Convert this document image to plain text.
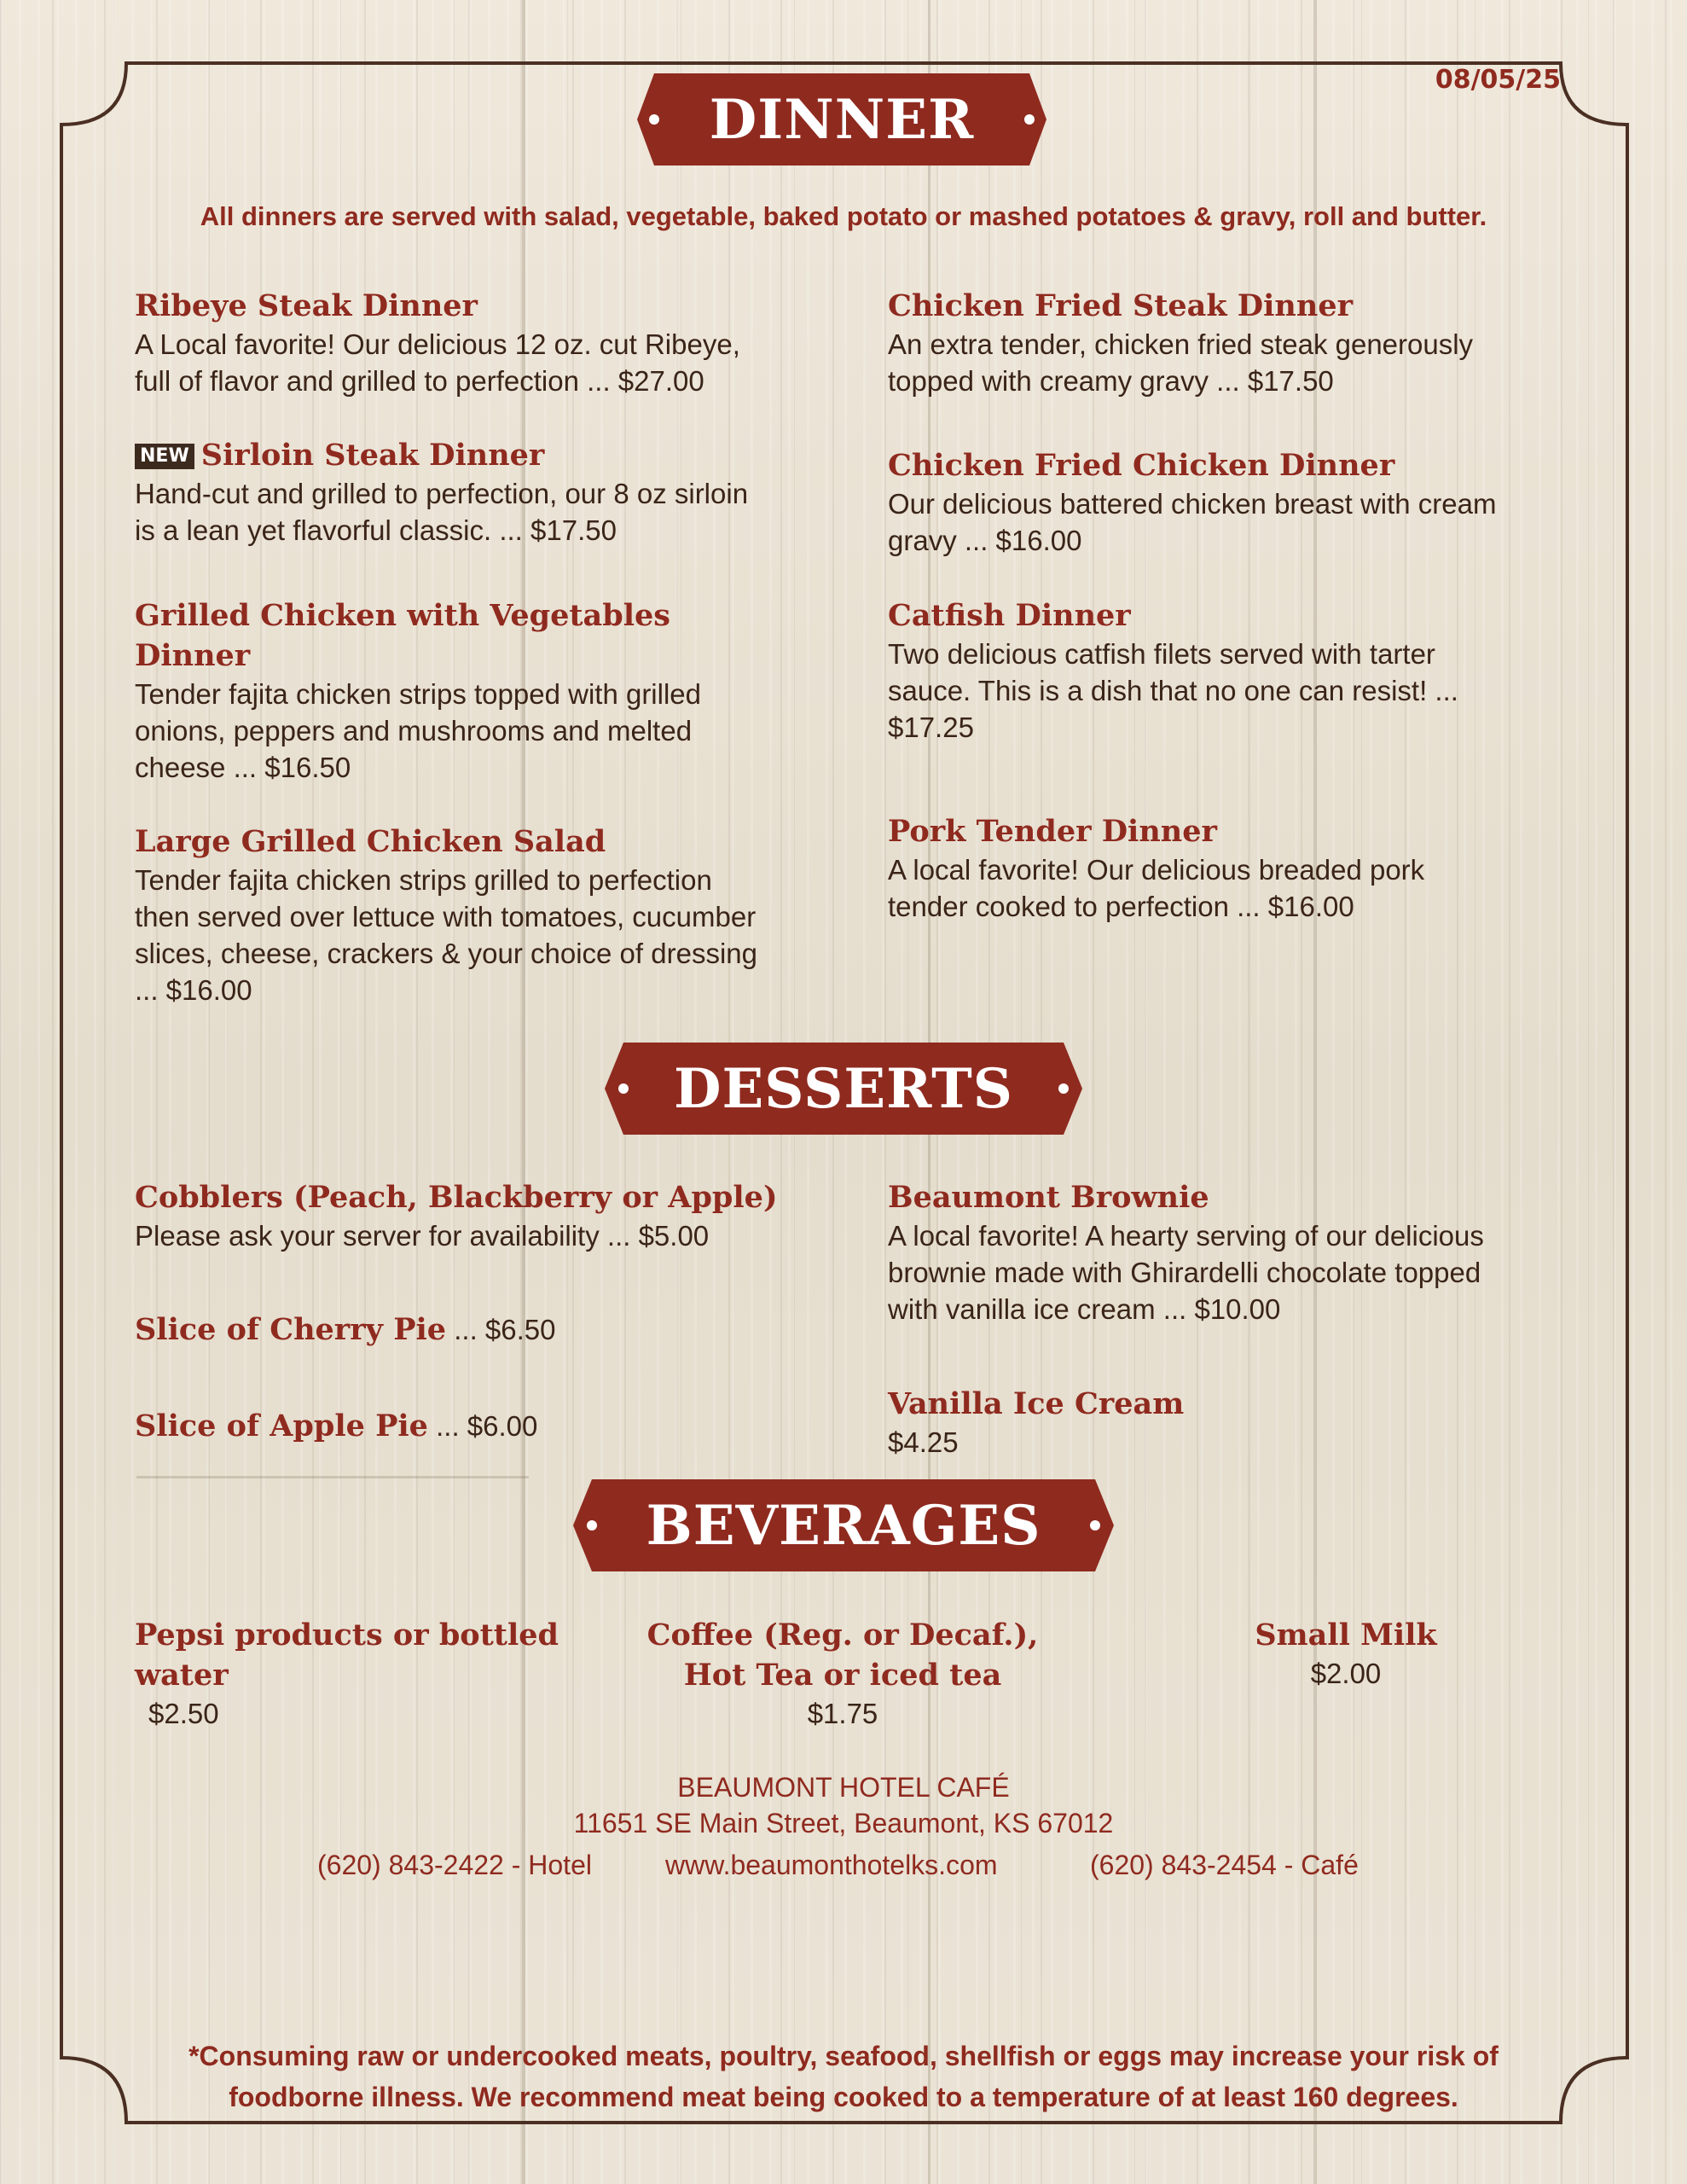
08/05/25
DINNER
All dinners are served with salad, vegetable, baked potato or mashed potatoes & gravy, roll and butter.
Ribeye Steak Dinner
A Local favorite! Our delicious 12 oz. cut Ribeye, full of flavor and grilled to perfection ... $27.00
NEW Sirloin Steak Dinner
Hand-cut and grilled to perfection, our 8 oz sirloin is a lean yet flavorful classic. ... $17.50
Grilled Chicken with Vegetables Dinner
Tender fajita chicken strips topped with grilled onions, peppers and mushrooms and melted cheese ... $16.50
Large Grilled Chicken Salad
Tender fajita chicken strips grilled to perfection then served over lettuce with tomatoes, cucumber slices, cheese, crackers & your choice of dressing ... $16.00
Chicken Fried Steak Dinner
An extra tender, chicken fried steak generously topped with creamy gravy ... $17.50
Chicken Fried Chicken Dinner
Our delicious battered chicken breast with cream gravy ... $16.00
Catfish Dinner
Two delicious catfish filets served with tarter sauce. This is a dish that no one can resist! ... $17.25
Pork Tender Dinner
A local favorite! Our delicious breaded pork tender cooked to perfection ... $16.00
DESSERTS
Cobblers (Peach, Blackberry or Apple)
Please ask your server for availability ... $5.00
Slice of Cherry Pie ... $6.50
Slice of Apple Pie ... $6.00
Beaumont Brownie
A local favorite! A hearty serving of our delicious brownie made with Ghirardelli chocolate topped with vanilla ice cream ... $10.00
Vanilla Ice Cream
$4.25
BEVERAGES
Pepsi products or bottled water
$2.50
Coffee (Reg. or Decaf.),
Hot Tea or iced tea
$1.75
Small Milk
$2.00
BEAUMONT HOTEL CAFÉ
11651 SE Main Street, Beaumont, KS 67012
(620) 843-2422 - Hotel	www.beaumonthotelks.com	(620) 843-2454 - Café
*Consuming raw or undercooked meats, poultry, seafood, shellfish or eggs may increase your risk of foodborne illness. We recommend meat being cooked to a temperature of at least 160 degrees.
